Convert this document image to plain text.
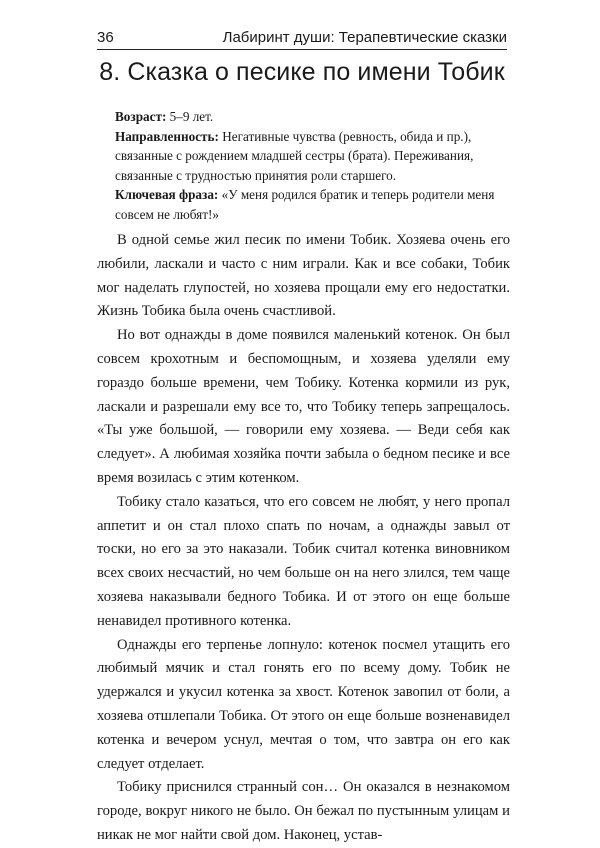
36	Лабиринт души: Терапевтические сказки
8. Сказка о песике по имени Тобик

Возраст: 5–9 лет.

Направленность: Негативные чувства (ревность, обида и пр.), связанные с рождением младшей сестры (брата). Переживания, связанные с трудностью принятия роли старшего.

Ключевая фраза: «У меня родился братик и теперь родители меня совсем не любят!»

В одной семье жил песик по имени Тобик. Хозяева очень его любили, ласкали и часто с ним играли. Как и все собаки, Тобик мог наделать глупостей, но хозяева прощали ему его недостатки. Жизнь Тобика была очень счастливой.

Но вот однажды в доме появился маленький котенок. Он был совсем крохотным и беспомощным, и хозяева уделяли ему гораздо больше времени, чем Тобику. Котенка кормили из рук, ласкали и разрешали ему все то, что Тобику теперь запрещалось. «Ты уже большой, — говорили ему хозяева. — Веди себя как следует». А любимая хозяйка почти забыла о бедном песике и все время возилась с этим котенком.

Тобику стало казаться, что его совсем не любят, у него пропал аппетит и он стал плохо спать по ночам, а однажды завыл от тоски, но его за это наказали. Тобик считал котенка виновником всех своих несчастий, но чем больше он на него злился, тем чаще хозяева наказывали бедного Тобика. И от этого он еще больше ненавидел противного котенка.

Однажды его терпенье лопнуло: котенок посмел утащить его любимый мячик и стал гонять его по всему дому. Тобик не удержался и укусил котенка за хвост. Котенок завопил от боли, а хозяева отшлепали Тобика. От этого он еще больше возненавидел котенка и вечером уснул, мечтая о том, что завтра он его как следует отделает.

Тобику приснился странный сон… Он оказался в незнакомом городе, вокруг никого не было. Он бежал по пустынным улицам и никак не мог найти свой дом. Наконец, устав-
